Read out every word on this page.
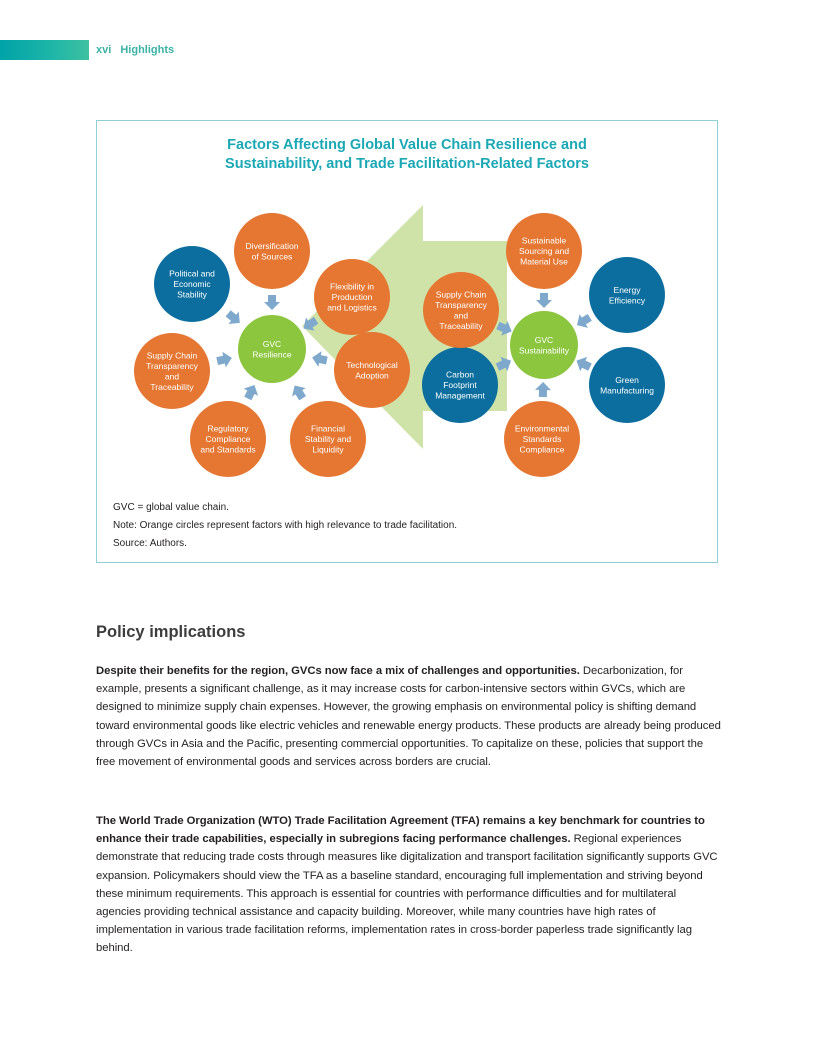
xvi Highlights
Factors Affecting Global Value Chain Resilience and
Sustainability, and Trade Facilitation-Related Factors
Diversification
of Sources
Flexibility in
Production
and Logistics
Technological
Adoption
Financial
Stability and
Liquidity
Regulatory
Compliance
and Standards
Supply Chain
Transparency
and
Traceability
Political and
Economic
Stability
GVC
Resilience
Sustainable
Sourcing and
Material Use
Energy
Efficiency
Green
Manufacturing
Environmental
Standards
Compliance
Carbon
Footprint
Management
Supply Chain
Transparency
and
Traceability
GVC
Sustainability
GVC = global value chain.
Note: Orange circles represent factors with high relevance to trade facilitation.
Source: Authors.
Policy implications

Despite their benefits for the region, GVCs now face a mix of challenges and opportunities. Decarbonization, for example, presents a significant challenge, as it may increase costs for carbon-intensive sectors within GVCs, which are designed to minimize supply chain expenses. However, the growing emphasis on environmental policy is shifting demand toward environmental goods like electric vehicles and renewable energy products. These products are already being produced through GVCs in Asia and the Pacific, presenting commercial opportunities. To capitalize on these, policies that support the free movement of environmental goods and services across borders are crucial.

The World Trade Organization (WTO) Trade Facilitation Agreement (TFA) remains a key benchmark for countries to enhance their trade capabilities, especially in subregions facing performance challenges. Regional experiences demonstrate that reducing trade costs through measures like digitalization and transport facilitation significantly supports GVC expansion. Policymakers should view the TFA as a baseline standard, encouraging full implementation and striving beyond these minimum requirements. This approach is essential for countries with performance difficulties and for multilateral agencies providing technical assistance and capacity building. Moreover, while many countries have high rates of implementation in various trade facilitation reforms, implementation rates in cross-border paperless trade significantly lag behind.
